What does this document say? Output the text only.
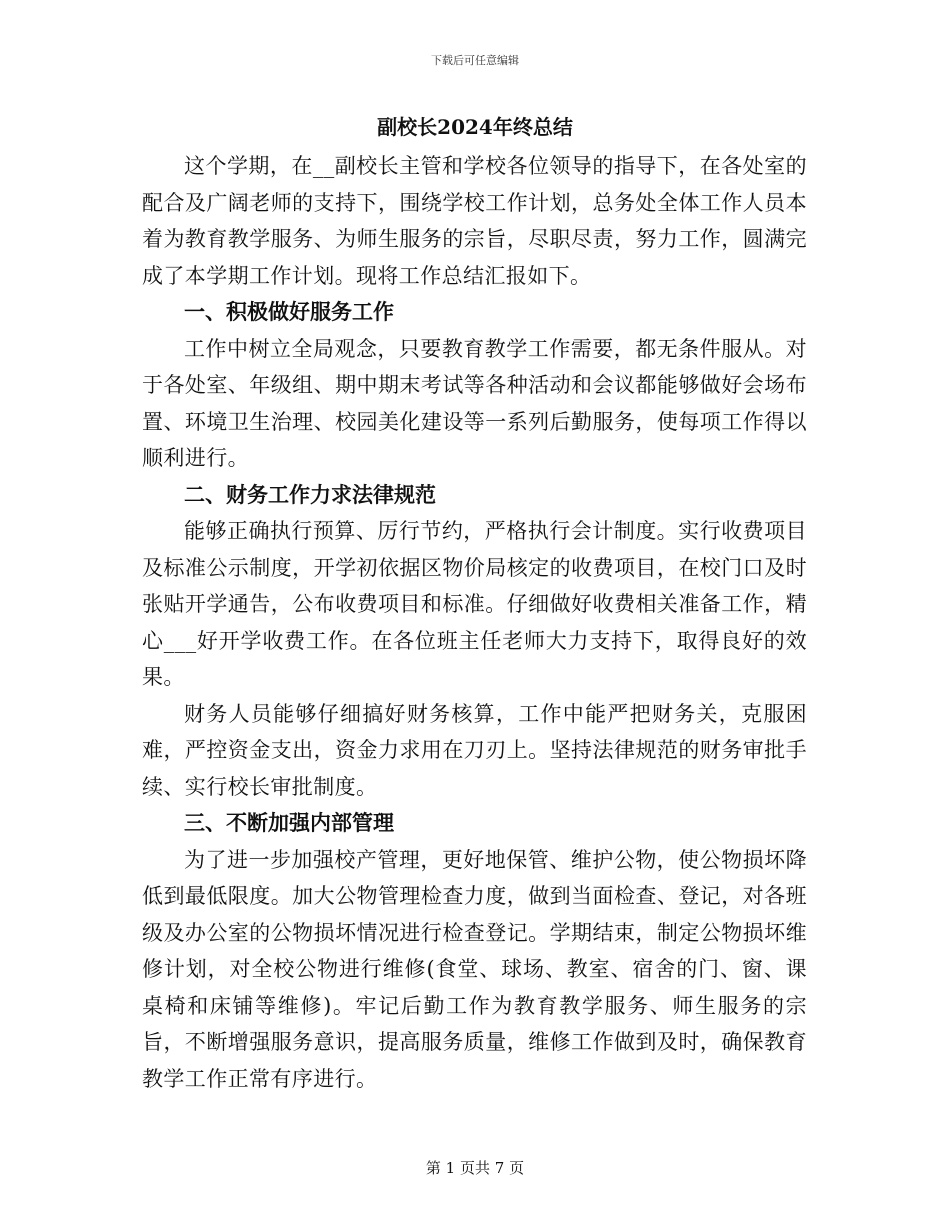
下载后可任意编辑
副校长2024年终总结

这个学期，在__副校长主管和学校各位领导的指导下，在各处室的配合及广阔老师的支持下，围绕学校工作计划，总务处全体工作人员本着为教育教学服务、为师生服务的宗旨，尽职尽责，努力工作，圆满完成了本学期工作计划。现将工作总结汇报如下。

一、积极做好服务工作

工作中树立全局观念，只要教育教学工作需要，都无条件服从。对于各处室、年级组、期中期末考试等各种活动和会议都能够做好会场布置、环境卫生治理、校园美化建设等一系列后勤服务，使每项工作得以顺利进行。

二、财务工作力求法律规范

能够正确执行预算、厉行节约，严格执行会计制度。实行收费项目及标准公示制度，开学初依据区物价局核定的收费项目，在校门口及时张贴开学通告，公布收费项目和标准。仔细做好收费相关准备工作，精心___好开学收费工作。在各位班主任老师大力支持下，取得良好的效果。

财务人员能够仔细搞好财务核算，工作中能严把财务关，克服困难，严控资金支出，资金力求用在刀刃上。坚持法律规范的财务审批手续、实行校长审批制度。

三、不断加强内部管理

为了进一步加强校产管理，更好地保管、维护公物，使公物损坏降低到最低限度。加大公物管理检查力度，做到当面检查、登记，对各班级及办公室的公物损坏情况进行检查登记。学期结束，制定公物损坏维修计划，对全校公物进行维修(食堂、球场、教室、宿舍的门、窗、课桌椅和床铺等维修)。牢记后勤工作为教育教学服务、师生服务的宗旨，不断增强服务意识，提高服务质量，维修工作做到及时，确保教育教学工作正常有序进行。

第 1 页共 7 页
